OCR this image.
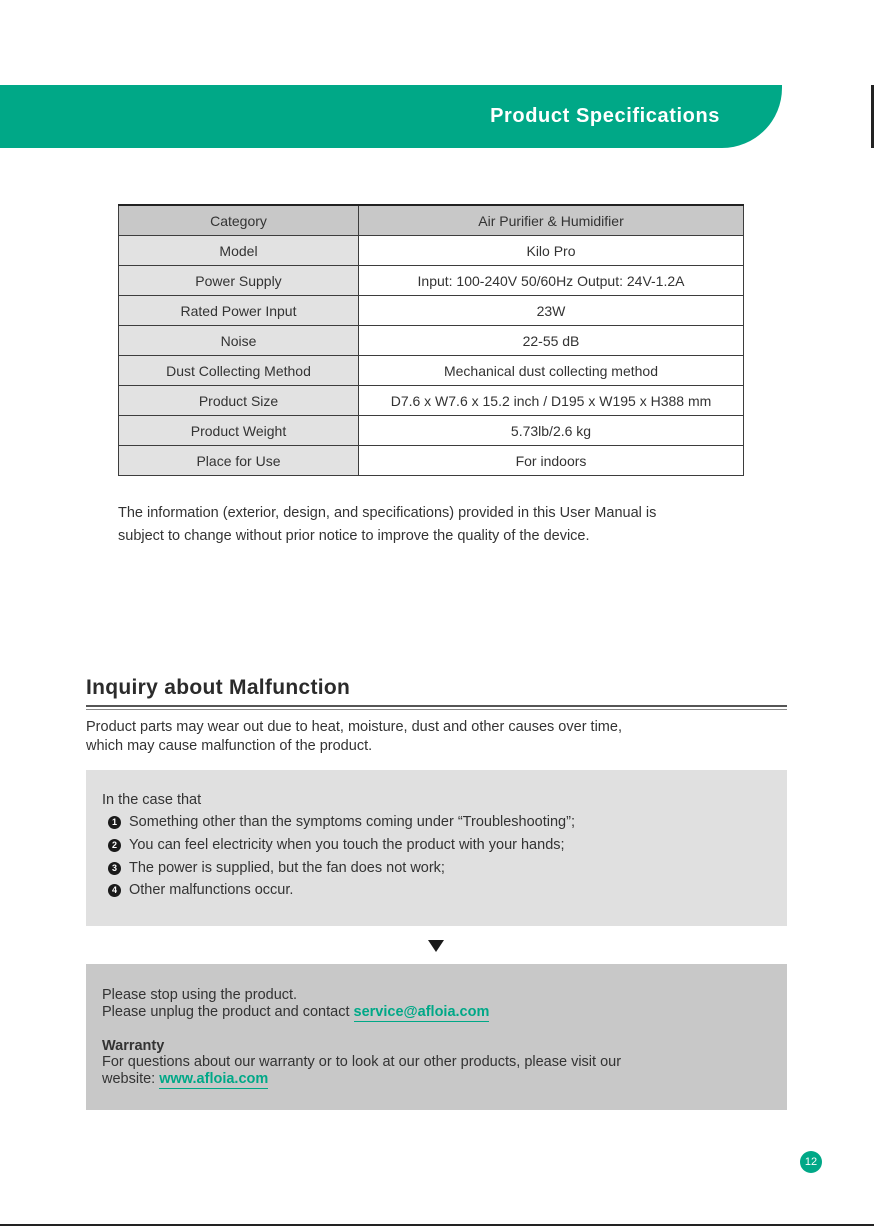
Product Specifications
Category	Air Purifier & Humidifier
Model	Kilo Pro
Power Supply	Input: 100-240V 50/60Hz Output: 24V-1.2A
Rated Power Input	23W
Noise	22-55 dB
Dust Collecting Method	Mechanical dust collecting method
Product Size	D7.6 x W7.6 x 15.2 inch / D195 x W195 x H388 mm
Product Weight	5.73lb/2.6 kg
Place for Use	For indoors
The information (exterior, design, and specifications) provided in this User Manual is
subject to change without prior notice to improve the quality of the device.
Inquiry about Malfunction
Product parts may wear out due to heat, moisture, dust and other causes over time,
which may cause malfunction of the product.
In the case that
1 Something other than the symptoms coming under “Troubleshooting”;
2 You can feel electricity when you touch the product with your hands;
3 The power is supplied, but the fan does not work;
4 Other malfunctions occur.
Please stop using the product.
Please unplug the product and contact service@afloia.com
Warranty
For questions about our warranty or to look at our other products, please visit our
website: www.afloia.com
12
